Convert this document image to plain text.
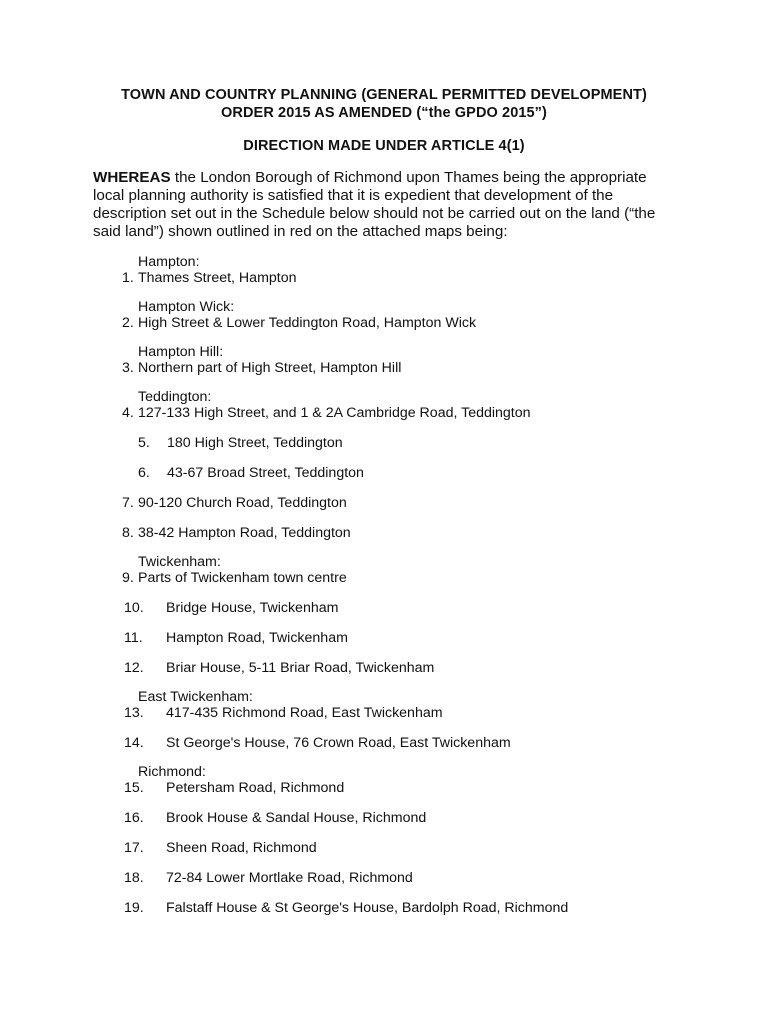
TOWN AND COUNTRY PLANNING (GENERAL PERMITTED DEVELOPMENT)
ORDER 2015 AS AMENDED (“the GPDO 2015”)
DIRECTION MADE UNDER ARTICLE 4(1)
WHEREAS the London Borough of Richmond upon Thames being the appropriate
local planning authority is satisfied that it is expedient that development of the
description set out in the Schedule below should not be carried out on the land (“the
said land”) shown outlined in red on the attached maps being:
Hampton:
1. Thames Street, Hampton
Hampton Wick:
2. High Street & Lower Teddington Road, Hampton Wick
Hampton Hill:
3. Northern part of High Street, Hampton Hill
Teddington:
4. 127-133 High Street, and 1 & 2A Cambridge Road, Teddington
5. 180 High Street, Teddington
6. 43-67 Broad Street, Teddington
7. 90-120 Church Road, Teddington
8. 38-42 Hampton Road, Teddington
Twickenham:
9. Parts of Twickenham town centre
10. Bridge House, Twickenham
11. Hampton Road, Twickenham
12. Briar House, 5-11 Briar Road, Twickenham
East Twickenham:
13. 417-435 Richmond Road, East Twickenham
14. St George's House, 76 Crown Road, East Twickenham
Richmond:
15. Petersham Road, Richmond
16. Brook House & Sandal House, Richmond
17. Sheen Road, Richmond
18. 72-84 Lower Mortlake Road, Richmond
19. Falstaff House & St George's House, Bardolph Road, Richmond
